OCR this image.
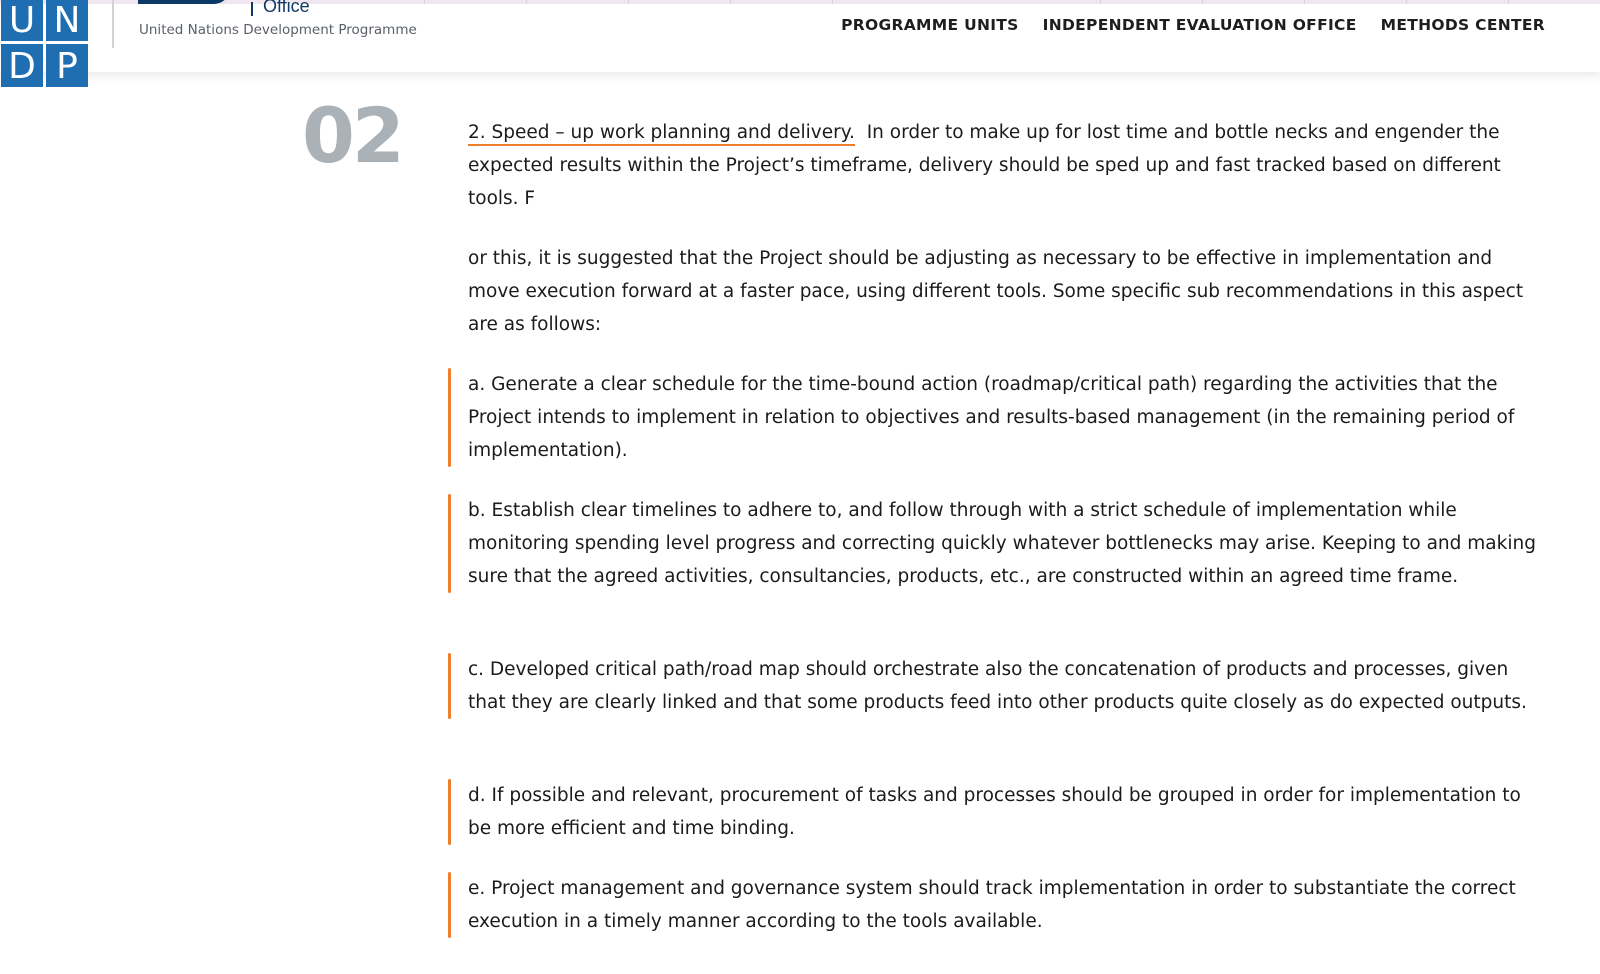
Office
United Nations Development Programme	PROGRAMME UNITS INDEPENDENT EVALUATION OFFICE METHODS CENTER
U N
D P
02	2. Speed – up work planning and delivery. In order to make up for lost time and bottle necks and engender the expected results within the Project’s timeframe, delivery should be sped up and fast tracked based on different tools. F

or this, it is suggested that the Project should be adjusting as necessary to be effective in implementation and move execution forward at a faster pace, using different tools. Some specific sub recommendations in this aspect are as follows:

a. Generate a clear schedule for the time-bound action (roadmap/critical path) regarding the activities that the Project intends to implement in relation to objectives and results-based management (in the remaining period of implementation).

b. Establish clear timelines to adhere to, and follow through with a strict schedule of implementation while monitoring spending level progress and correcting quickly whatever bottlenecks may arise. Keeping to and making sure that the agreed activities, consultancies, products, etc., are constructed within an agreed time frame.

c. Developed critical path/road map should orchestrate also the concatenation of products and processes, given that they are clearly linked and that some products feed into other products quite closely as do expected outputs.

d. If possible and relevant, procurement of tasks and processes should be grouped in order for implementation to be more efficient and time binding.

e. Project management and governance system should track implementation in order to substantiate the correct execution in a timely manner according to the tools available.
